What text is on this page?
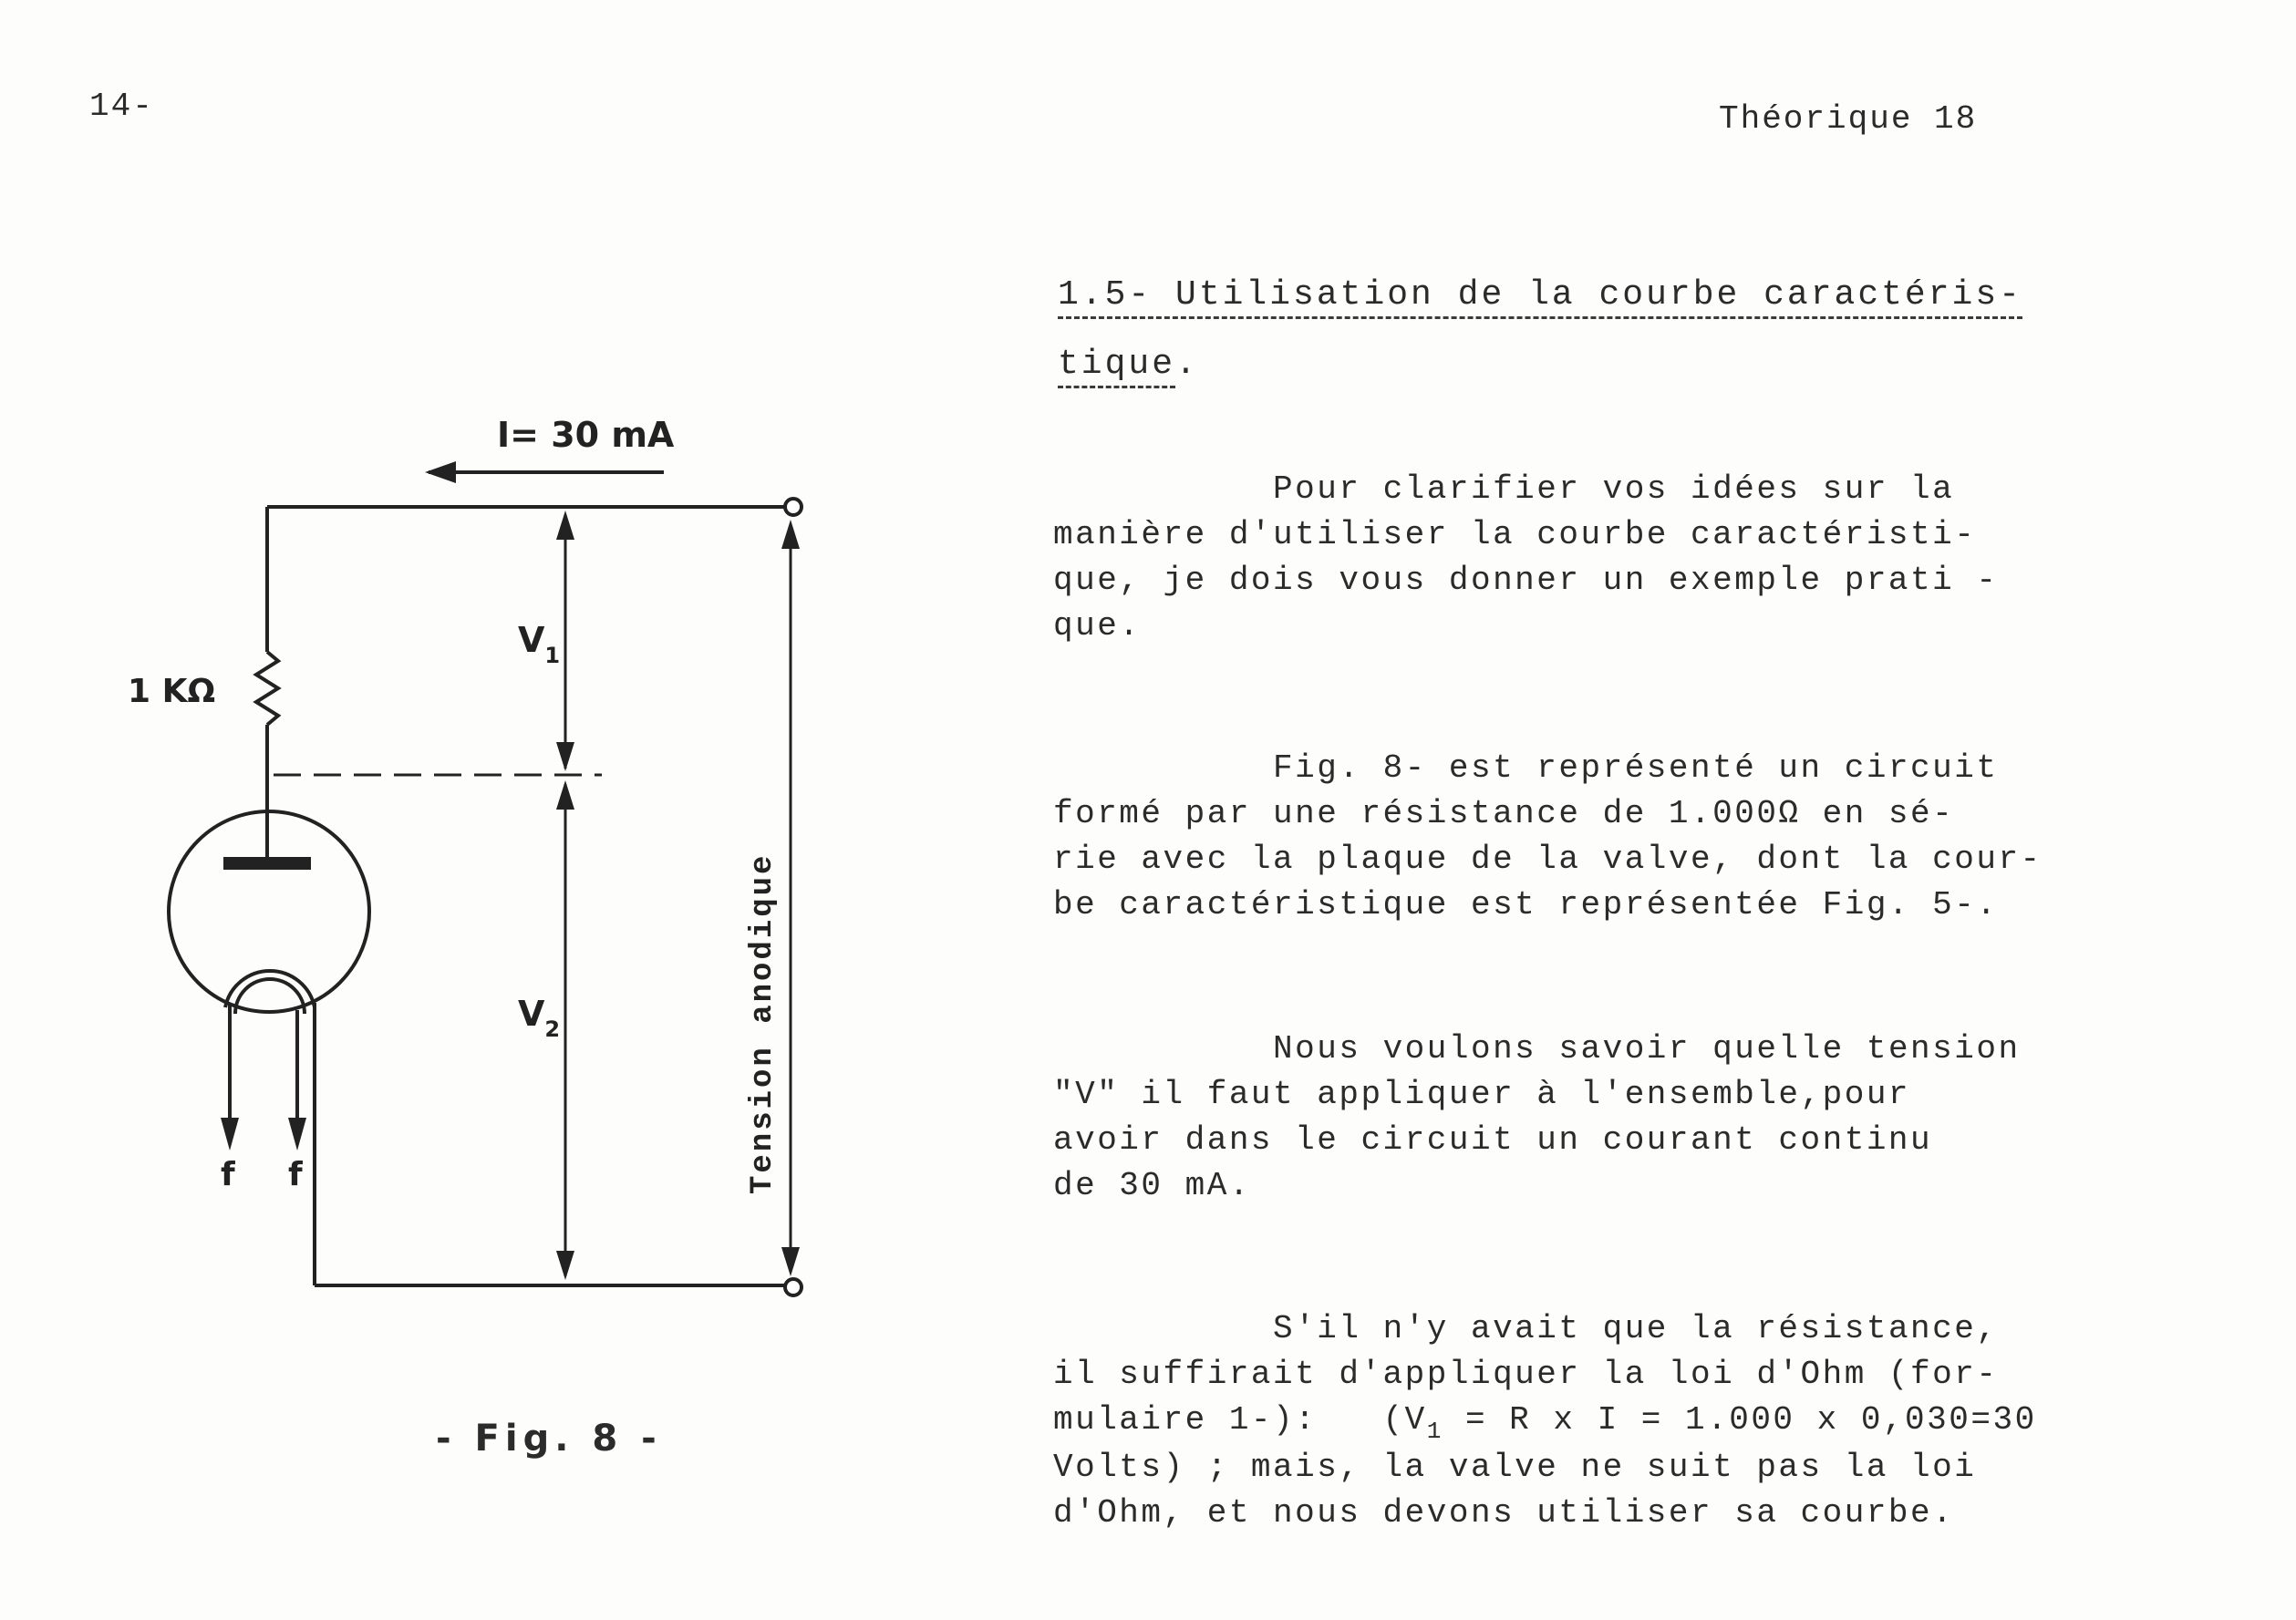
14-	Théorique 18
1.5- Utilisation de la courbe caractéris-
tique.

Pour clarifier vos idées sur la
manière d'utiliser la courbe caractéristi-
que, je dois vous donner un exemple prati -
que.

Fig. 8- est représenté un circuit
formé par une résistance de 1.000Ω en sé-
rie avec la plaque de la valve, dont la cour-
be caractéristique est représentée Fig. 5-.

Nous voulons savoir quelle tension
"V" il faut appliquer à l'ensemble,pour
avoir dans le circuit un courant continu
de 30 mA.

S'il n'y avait que la résistance,
il suffirait d'appliquer la loi d'Ohm (for-
mulaire 1-):   ($V_1 = R$ x I = 1.000 x 0,030=30
Volts) ; mais, la valve ne suit pas la loi
d'Ohm, et nous devons utiliser sa courbe.

I= 30 mA
1 KΩ
$V_1$
$V_2$	Tension anodique
f f
- Fig. 8 -
